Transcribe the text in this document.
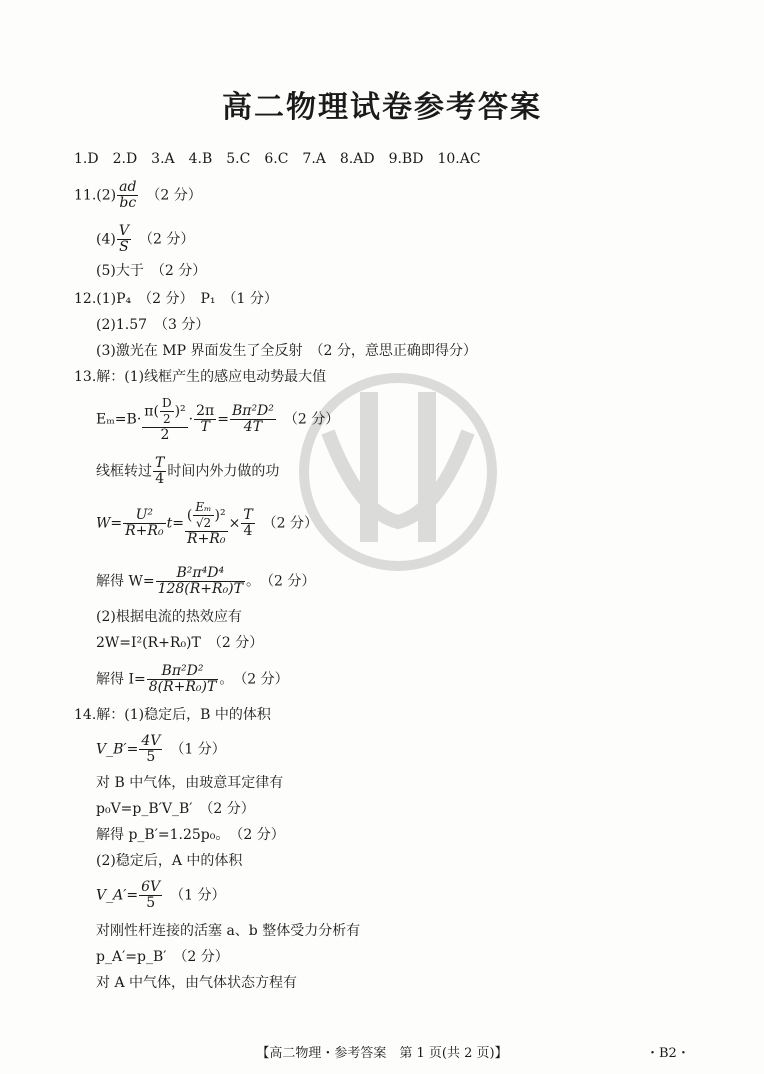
高二物理试卷参考答案
1.D　2.D　3.A　4.B　5.C　6.C　7.A　8.AD　9.BD　10.AC
$11.(2) \frac{ad}{bc}$
　 （2 分）
$(4) \frac{V}{S}$
　 （2 分）
(5)大于　（2 分）
12.(1)P₄　（2 分）　P₁　（1 分）
(2)1.57　（3 分）
(3)激光在 MP 界面发生了全反射　（2 分，意思正确即得分）
13.解：(1)线框产生的感应电动势最大值
$E_m=B\cdot \frac{\pi( \frac{D}{2} )^2}{2} \cdot \frac{2\pi}{T} = \frac{\text{Bπ²D²}}{4T}$
　 （2 分）
线框转过 $\frac{T}{4}$ 时间内外力做的功
$W= \frac{\text{U²}}{\text{R+R₀}} t= \frac{( \frac{\text{Eₘ}}{√2} )^2}{\text{R+R₀}} \times \frac{T}{4}$
　 （2 分）
解得 $W= \frac{\text{B²π⁴D⁴}}{\text{128(R+R₀)T}}$ 。　 （2 分）
(2)根据电流的热效应有
2W=I²(R+R₀)T　（2 分）
解得 $I= \frac{\text{Bπ²D²}}{\text{8(R+R₀)T}}$ 。　 （2 分）
14.解：(1)稳定后，B 中的体积
V_B′= $\frac{4V}{5}$
　 （1 分）
对 B 中气体，由玻意耳定律有
p₀V=p_B′V_B′　（2 分）
解得 p_B′=1.25p₀。　（2 分）
(2)稳定后，A 中的体积
V_A′= $\frac{6V}{5}$
　 （1 分）
对刚性杆连接的活塞 a、b 整体受力分析有
p_A′=p_B′　（2 分）
对 A 中气体，由气体状态方程有
【高二物理・参考答案　第 1 页(共 2 页)】	・B2・
